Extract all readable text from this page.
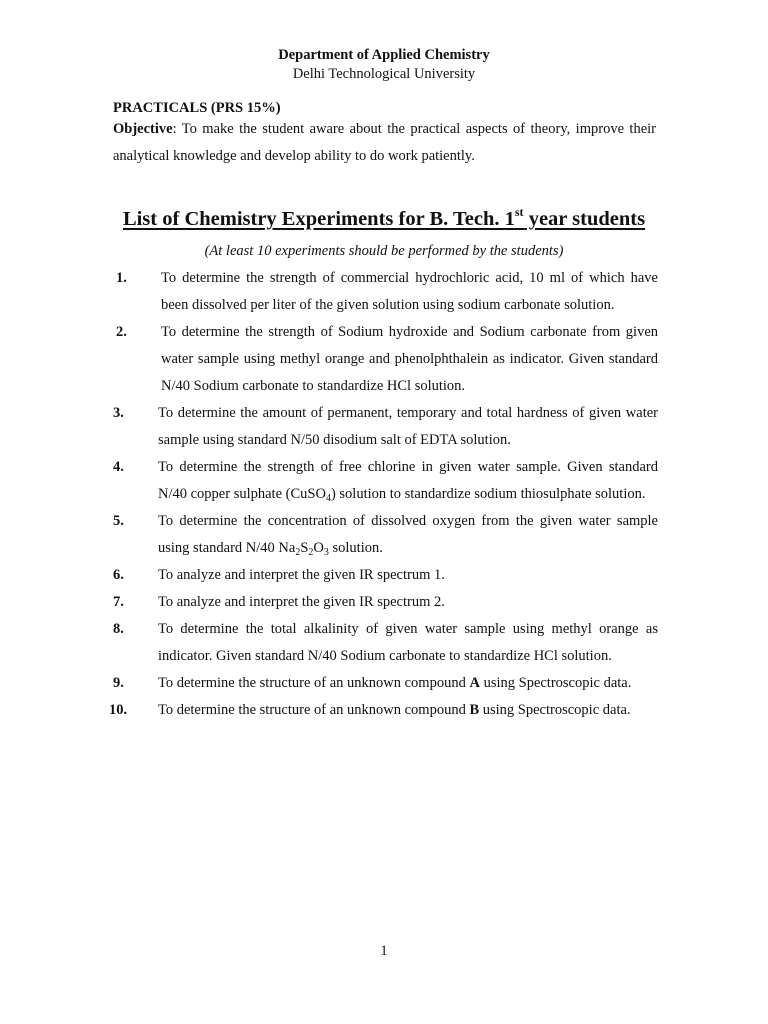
Department of Applied Chemistry
Delhi Technological University
PRACTICALS (PRS 15%)
Objective: To make the student aware about the practical aspects of theory, improve their analytical knowledge and develop ability to do work patiently.
List of Chemistry Experiments for B. Tech. 1st year students
(At least 10 experiments should be performed by the students)
1.	To determine the strength of commercial hydrochloric acid, 10 ml of which have been dissolved per liter of the given solution using sodium carbonate solution.
2.	To determine the strength of Sodium hydroxide and Sodium carbonate from given water sample using methyl orange and phenolphthalein as indicator. Given standard N/40 Sodium carbonate to standardize HCl solution.
3.	To determine the amount of permanent, temporary and total hardness of given water sample using standard N/50 disodium salt of EDTA solution.
4.	To determine the strength of free chlorine in given water sample. Given standard N/40 copper sulphate (CuSO$_4$) solution to standardize sodium thiosulphate solution.
5.	To determine the concentration of dissolved oxygen from the given water sample using standard N/40 $Na_2S_2O_3$ solution.
6.	To analyze and interpret the given IR spectrum 1.
7.	To analyze and interpret the given IR spectrum 2.
8.	To determine the total alkalinity of given water sample using methyl orange as indicator. Given standard N/40 Sodium carbonate to standardize HCl solution.
9.	To determine the structure of an unknown compound A using Spectroscopic data.
10.	To determine the structure of an unknown compound B using Spectroscopic data.
1
